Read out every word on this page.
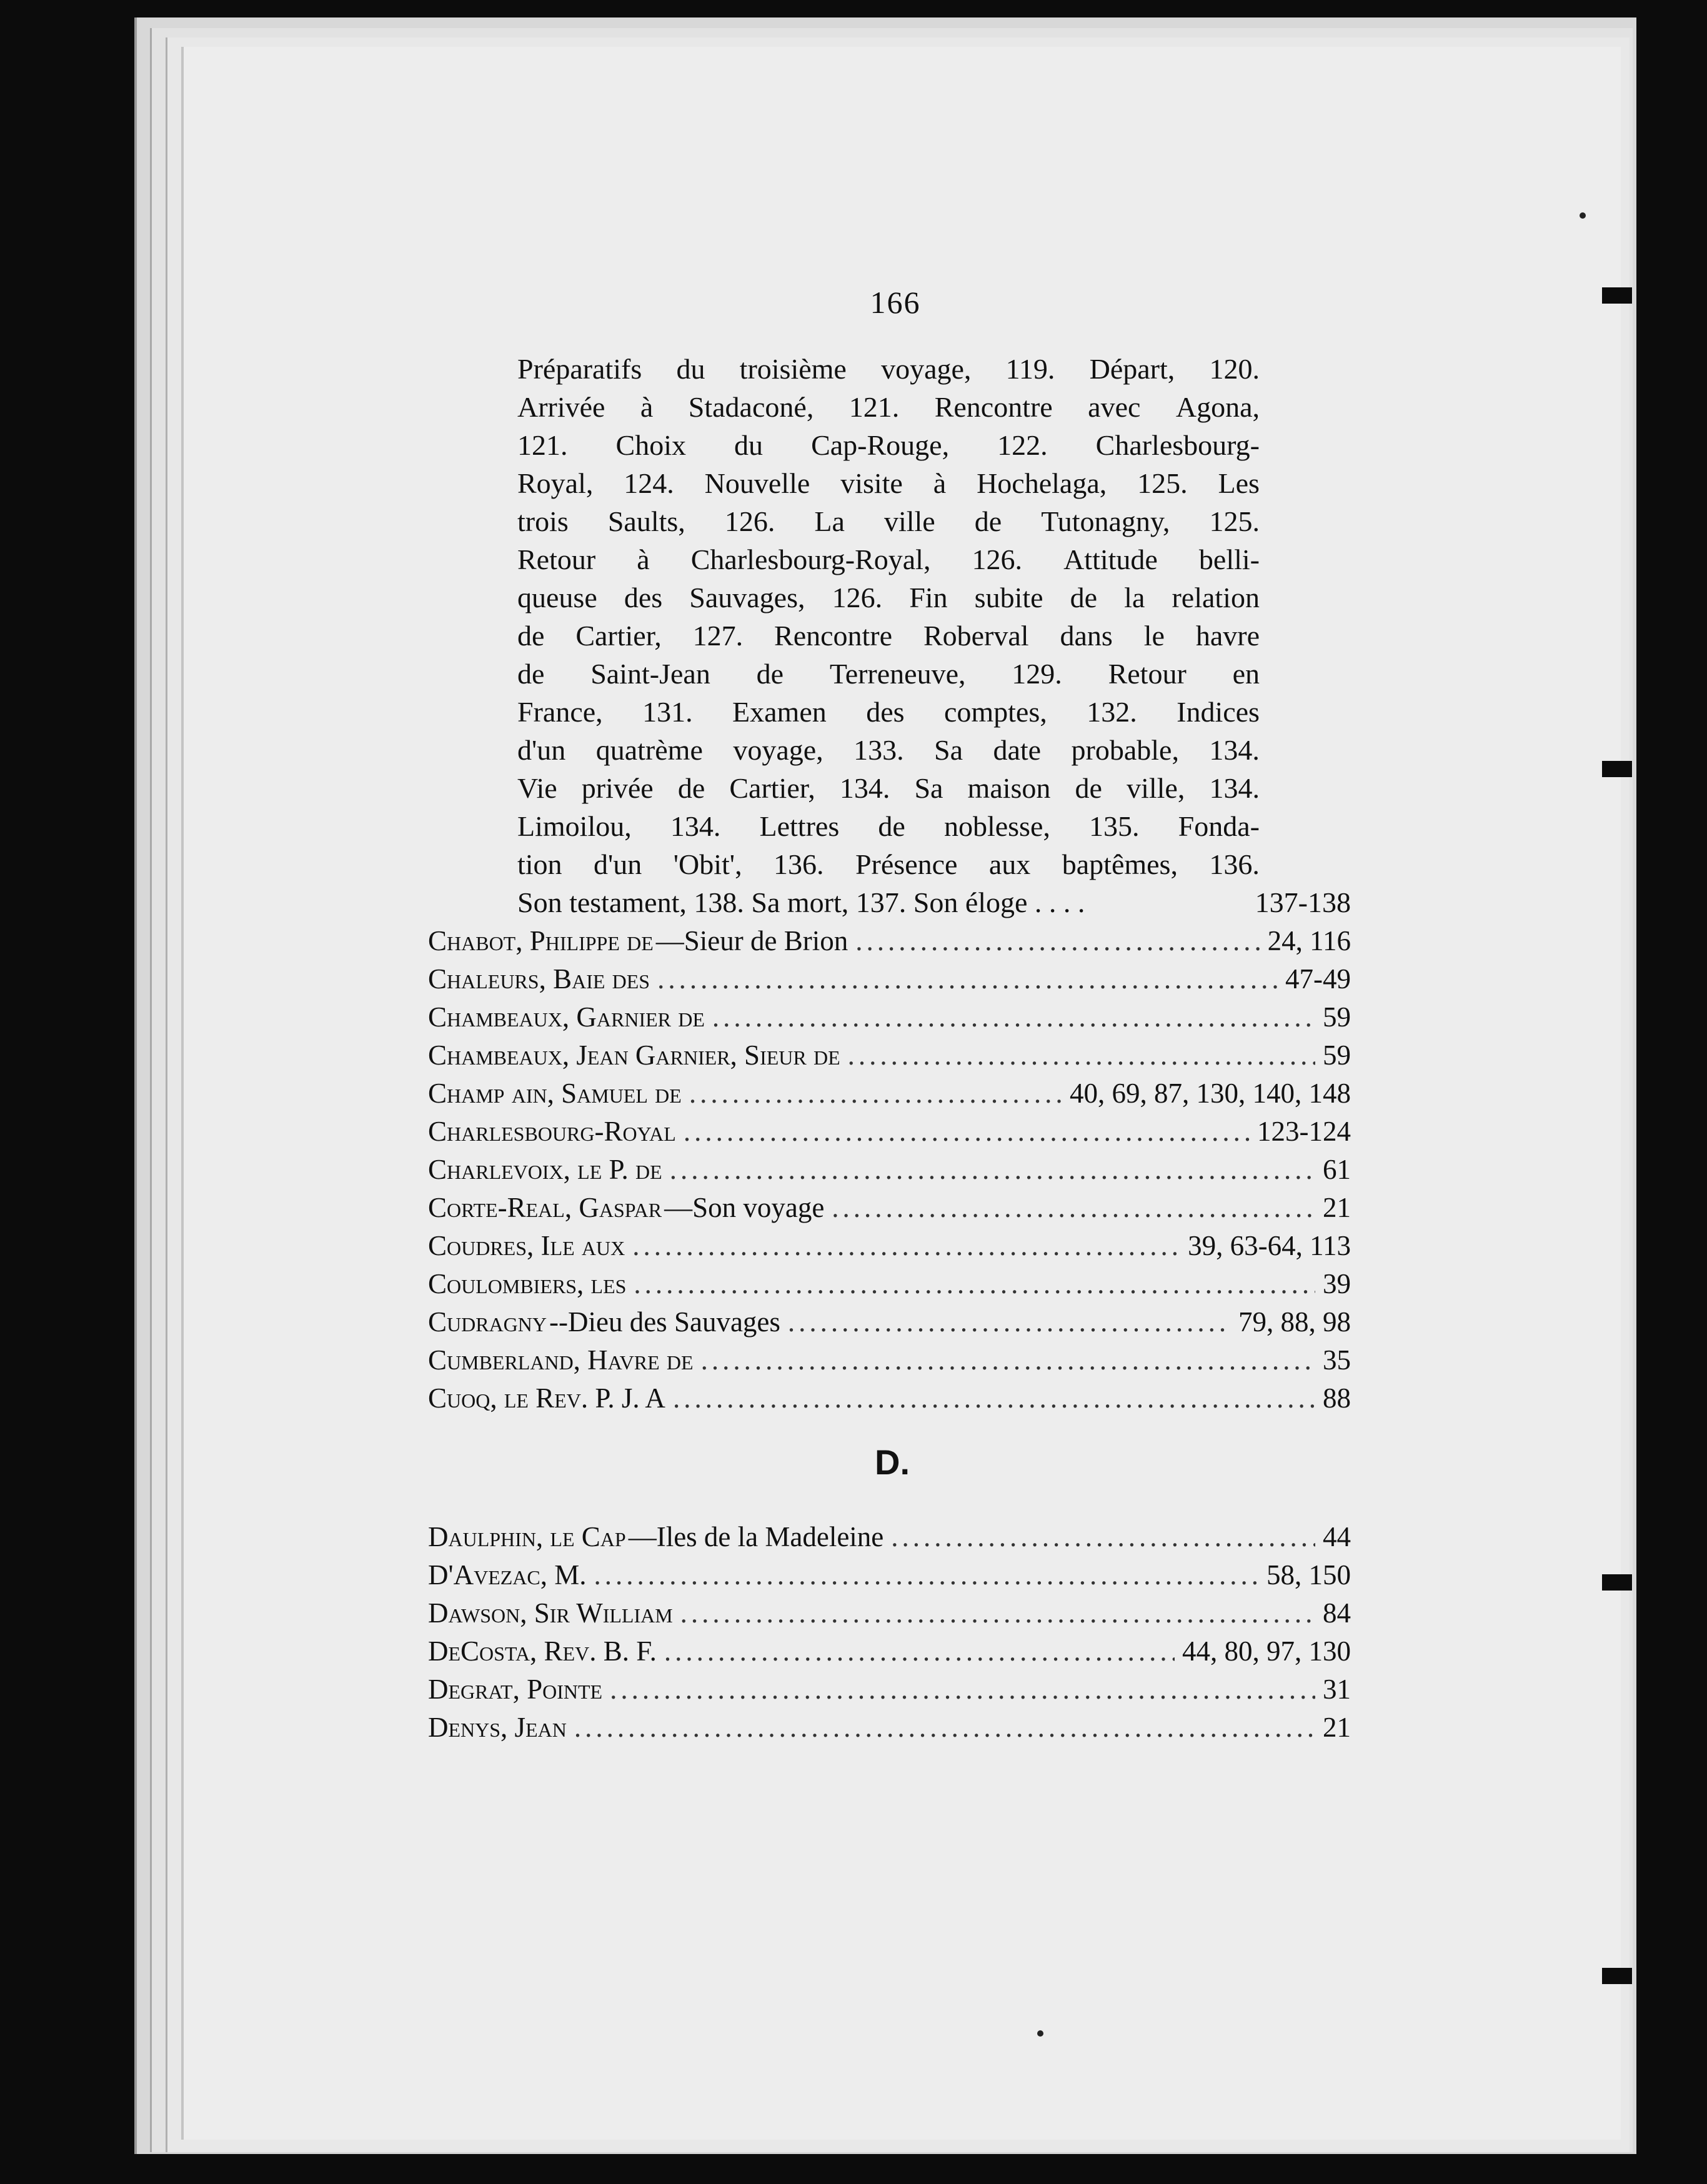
166
Préparatifs du troisième voyage, 119. Départ, 120.
Arrivée à Stadaconé, 121. Rencontre avec Agona,
121. Choix du Cap-Rouge, 122. Charlesbourg-
Royal, 124. Nouvelle visite à Hochelaga, 125. Les
trois Saults, 126. La ville de Tutonagny, 125.
Retour à Charlesbourg-Royal, 126. Attitude belli-
queuse des Sauvages, 126. Fin subite de la relation
de Cartier, 127. Rencontre Roberval dans le havre
de Saint-Jean de Terreneuve, 129. Retour en
France, 131. Examen des comptes, 132. Indices
d'un quatrème voyage, 133. Sa date probable, 134.
Vie privée de Cartier, 134. Sa maison de ville, 134.
Limoilou, 134. Lettres de noblesse, 135. Fonda-
tion d'un 'Obit', 136. Présence aux baptêmes, 136.
Son testament, 138. Sa mort, 137. Son éloge . . . .	137-138
Chabot, Philippe de —Sieur de Brion .....	24, 116
Chaleurs, Baie des .....	47-49
Chambeaux, Garnier de .....	59
Chambeaux, Jean Garnier, Sieur de .....	59
Champ ain, Samuel de .....	40, 69, 87, 130, 140, 148
Charlesbourg-Royal .....	123-124
Charlevoix, le P. de .....	61
Corte-Real, Gaspar —Son voyage .....	21
Coudres, Ile aux .....	39, 63-64, 113
Coulombiers, les .....	39
Cudragny --Dieu des Sauvages .....	79, 88, 98
Cumberland, Havre de .....	35
Cuoq, le Rev. P. J. A .....	88
D.
Daulphin, le Cap —Iles de la Madeleine .....	44
D'Avezac, M. .....	58, 150
Dawson, Sir William .....	84
DeCosta, Rev. B. F. .....	44, 80, 97, 130
Degrat, Pointe .....	31
Denys, Jean .....	21
